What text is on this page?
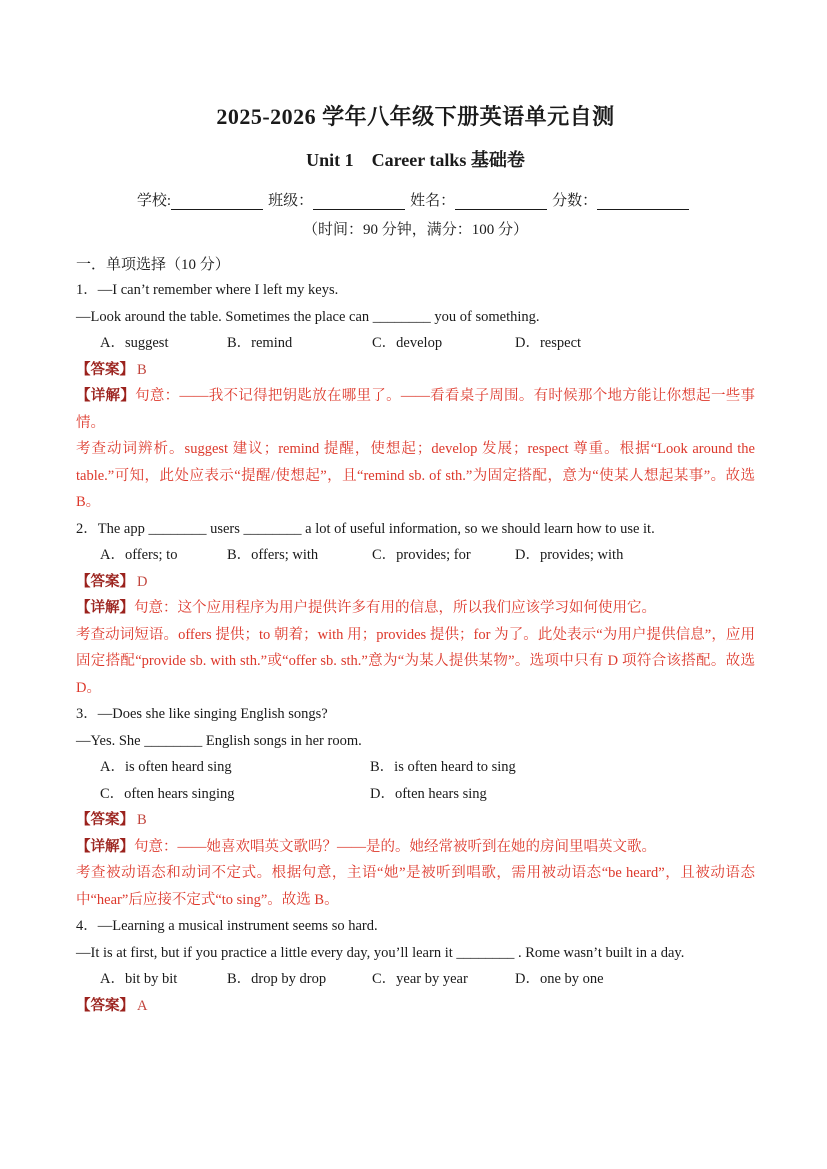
2025-2026 学年八年级下册英语单元自测
Unit 1　Career talks 基础卷
学校:	班级：	姓名：	分数：
（时间：90 分钟，满分：100 分）
一．单项选择（10 分）
1．—I can’t remember where I left my keys.
—Look around the table. Sometimes the place can ________ you of something.
A．suggest	B．remind	C．develop	D．respect
【答案】 B
【详解】句意：——我不记得把钥匙放在哪里了。——看看桌子周围。有时候那个地方能让你想起一些事情。
考查动词辨析。suggest 建议；remind 提醒，使想起；develop 发展；respect 尊重。根据“Look around the table.”可知，此处应表示“提醒/使想起”，且“remind sb. of sth.”为固定搭配，意为“使某人想起某事”。故选 B。
2．The app ________ users ________ a lot of useful information, so we should learn how to use it.
A．offers; to	B．offers; with	C．provides; for	D．provides; with
【答案】 D
【详解】句意：这个应用程序为用户提供许多有用的信息，所以我们应该学习如何使用它。
考查动词短语。offers 提供；to 朝着；with 用；provides 提供；for 为了。此处表示“为用户提供信息”，应用固定搭配“provide sb. with sth.”或“offer sb. sth.”意为“为某人提供某物”。选项中只有 D 项符合该搭配。故选 D。
3．—Does she like singing English songs?
—Yes. She ________ English songs in her room.
A．is often heard sing	B．is often heard to sing
C．often hears singing	D．often hears sing
【答案】 B
【详解】句意：——她喜欢唱英文歌吗？——是的。她经常被听到在她的房间里唱英文歌。
考查被动语态和动词不定式。根据句意，主语“她”是被听到唱歌，需用被动语态“be heard”，且被动语态中“hear”后应接不定式“to sing”。故选 B。
4．—Learning a musical instrument seems so hard.
—It is at first, but if you practice a little every day, you’ll learn it ________ . Rome wasn’t built in a day.
A．bit by bit	B．drop by drop	C．year by year	D．one by one
【答案】 A
